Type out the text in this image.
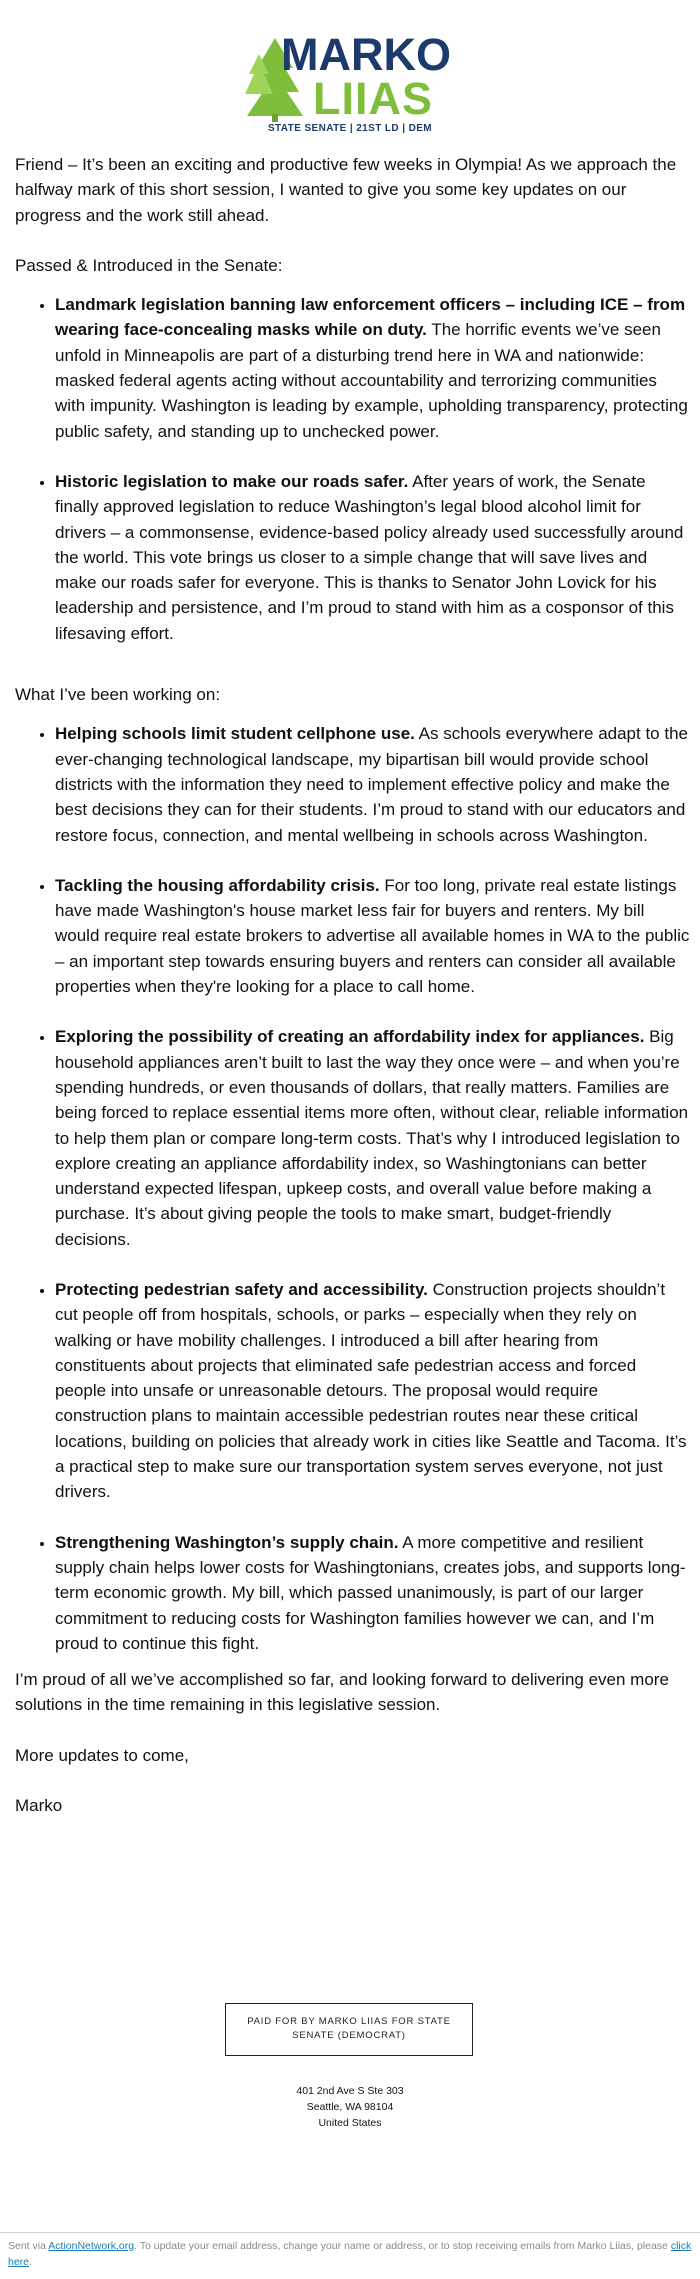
MARKO
LIIAS
STATE SENATE | 21ST LD | DEM

Friend – It’s been an exciting and productive few weeks in Olympia! As we approach the halfway mark of this short session, I wanted to give you some key updates on our progress and the work still ahead.

Passed & Introduced in the Senate:

• Landmark legislation banning law enforcement officers – including ICE – from wearing face-concealing masks while on duty. The horrific events we’ve seen unfold in Minneapolis are part of a disturbing trend here in WA and nationwide: masked federal agents acting without accountability and terrorizing communities with impunity. Washington is leading by example, upholding transparency, protecting public safety, and standing up to unchecked power.
• Historic legislation to make our roads safer. After years of work, the Senate finally approved legislation to reduce Washington’s legal blood alcohol limit for drivers – a commonsense, evidence-based policy already used successfully around the world. This vote brings us closer to a simple change that will save lives and make our roads safer for everyone. This is thanks to Senator John Lovick for his leadership and persistence, and I’m proud to stand with him as a cosponsor of this lifesaving effort.

What I’ve been working on:

• Helping schools limit student cellphone use. As schools everywhere adapt to the ever-changing technological landscape, my bipartisan bill would provide school districts with the information they need to implement effective policy and make the best decisions they can for their students. I’m proud to stand with our educators and restore focus, connection, and mental wellbeing in schools across Washington.
• Tackling the housing affordability crisis. For too long, private real estate listings have made Washington's house market less fair for buyers and renters. My bill would require real estate brokers to advertise all available homes in WA to the public – an important step towards ensuring buyers and renters can consider all available properties when they're looking for a place to call home.
• Exploring the possibility of creating an affordability index for appliances. Big household appliances aren’t built to last the way they once were – and when you’re spending hundreds, or even thousands of dollars, that really matters. Families are being forced to replace essential items more often, without clear, reliable information to help them plan or compare long-term costs. That’s why I introduced legislation to explore creating an appliance affordability index, so Washingtonians can better understand expected lifespan, upkeep costs, and overall value before making a purchase. It’s about giving people the tools to make smart, budget-friendly decisions.
• Protecting pedestrian safety and accessibility. Construction projects shouldn’t cut people off from hospitals, schools, or parks – especially when they rely on walking or have mobility challenges. I introduced a bill after hearing from constituents about projects that eliminated safe pedestrian access and forced people into unsafe or unreasonable detours. The proposal would require construction plans to maintain accessible pedestrian routes near these critical locations, building on policies that already work in cities like Seattle and Tacoma. It’s a practical step to make sure our transportation system serves everyone, not just drivers.
• Strengthening Washington’s supply chain. A more competitive and resilient supply chain helps lower costs for Washingtonians, creates jobs, and supports long-term economic growth. My bill, which passed unanimously, is part of our larger commitment to reducing costs for Washington families however we can, and I’m proud to continue this fight.

I’m proud of all we’ve accomplished so far, and looking forward to delivering even more solutions in the time remaining in this legislative session.

More updates to come,

Marko

PAID FOR BY MARKO LIIAS FOR STATE SENATE (DEMOCRAT)
401 2nd Ave S Ste 303
Seattle, WA 98104
United States
Sent via ActionNetwork.org. To update your email address, change your name or address, or to stop receiving emails from Marko Liias, please click here.
